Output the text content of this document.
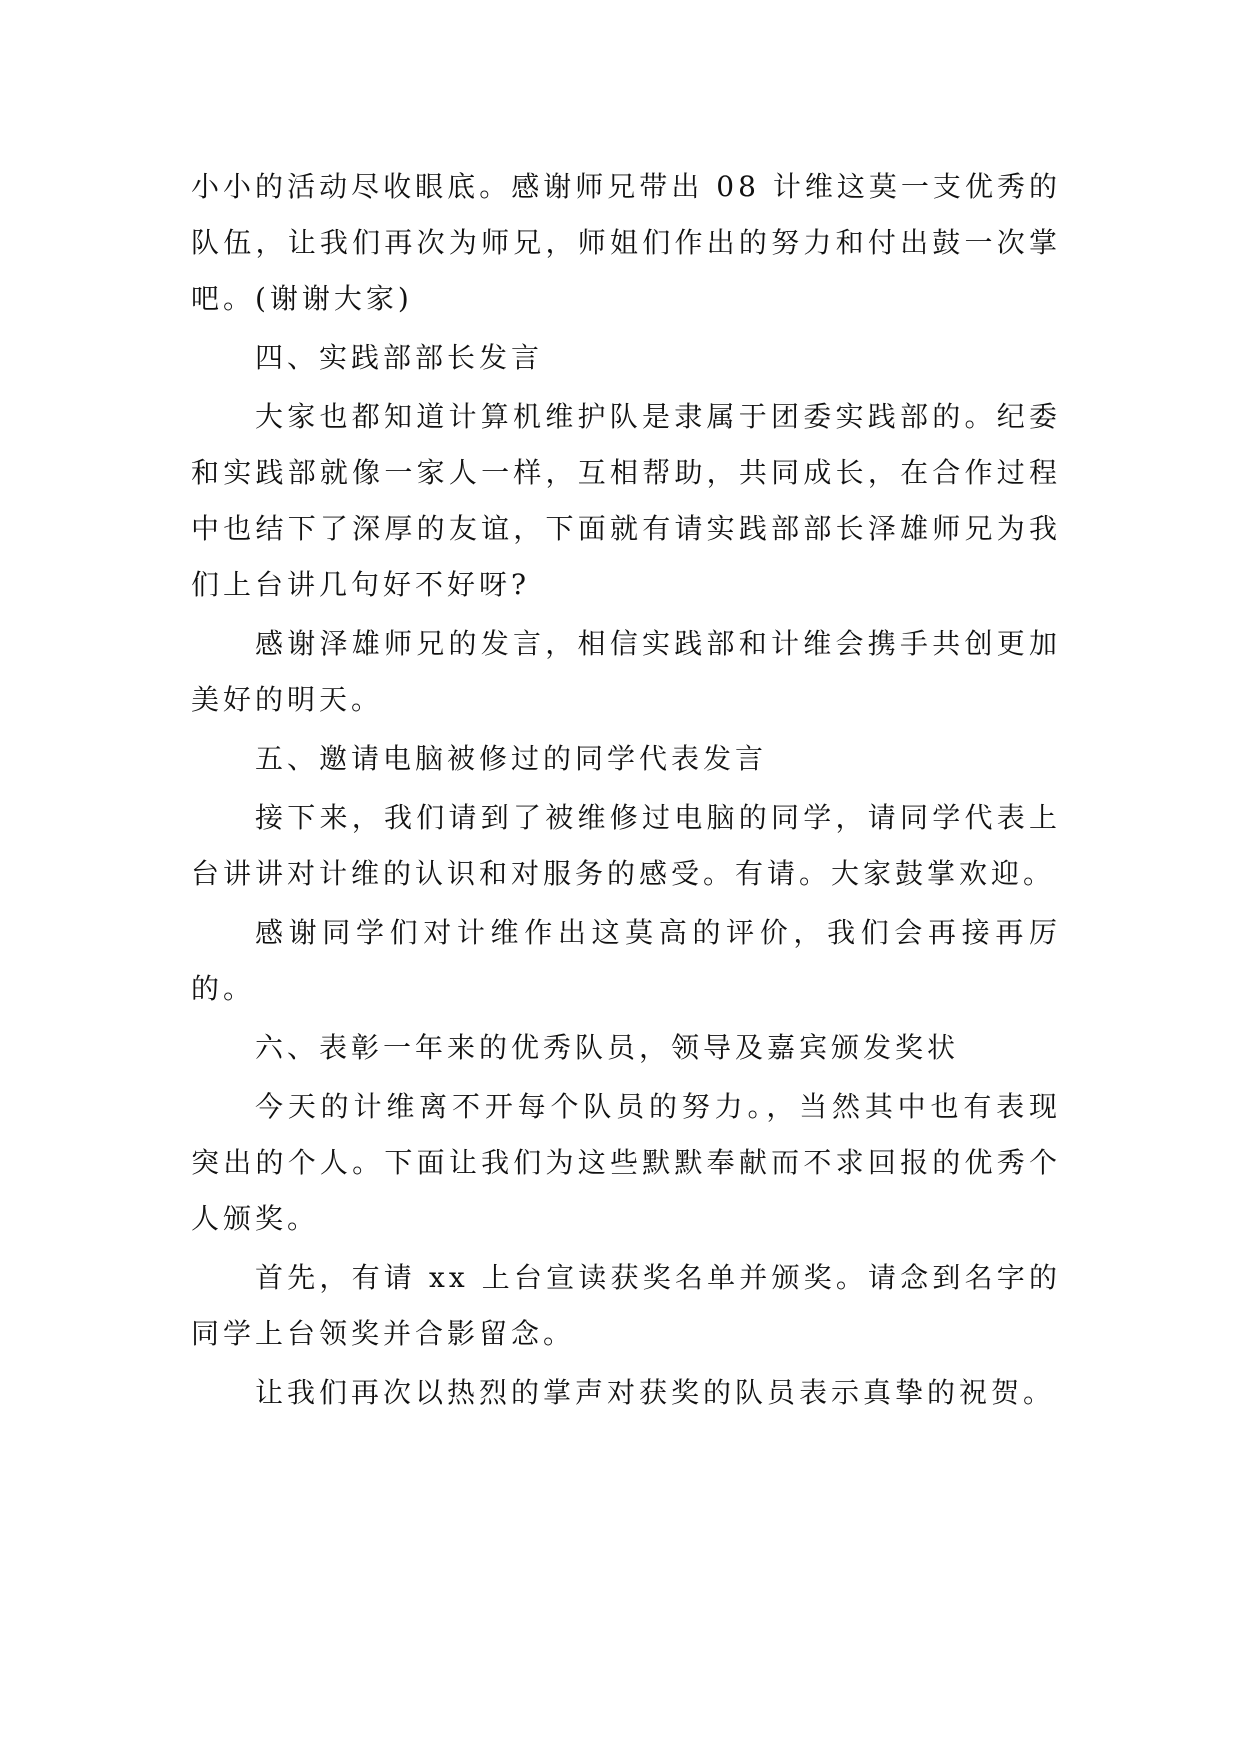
小小的活动尽收眼底。感谢师兄带出 08 计维这莫一支优秀的队伍，让我们再次为师兄，师姐们作出的努力和付出鼓一次掌吧。(谢谢大家)

四、实践部部长发言

大家也都知道计算机维护队是隶属于团委实践部的。纪委和实践部就像一家人一样，互相帮助，共同成长，在合作过程中也结下了深厚的友谊，下面就有请实践部部长泽雄师兄为我们上台讲几句好不好呀?

感谢泽雄师兄的发言，相信实践部和计维会携手共创更加美好的明天。

五、邀请电脑被修过的同学代表发言

接下来，我们请到了被维修过电脑的同学，请同学代表上台讲讲对计维的认识和对服务的感受。有请。大家鼓掌欢迎。

感谢同学们对计维作出这莫高的评价，我们会再接再厉的。

六、表彰一年来的优秀队员，领导及嘉宾颁发奖状

今天的计维离不开每个队员的努力。，当然其中也有表现突出的个人。下面让我们为这些默默奉献而不求回报的优秀个人颁奖。

首先，有请 xx 上台宣读获奖名单并颁奖。请念到名字的同学上台领奖并合影留念。

让我们再次以热烈的掌声对获奖的队员表示真挚的祝贺。
